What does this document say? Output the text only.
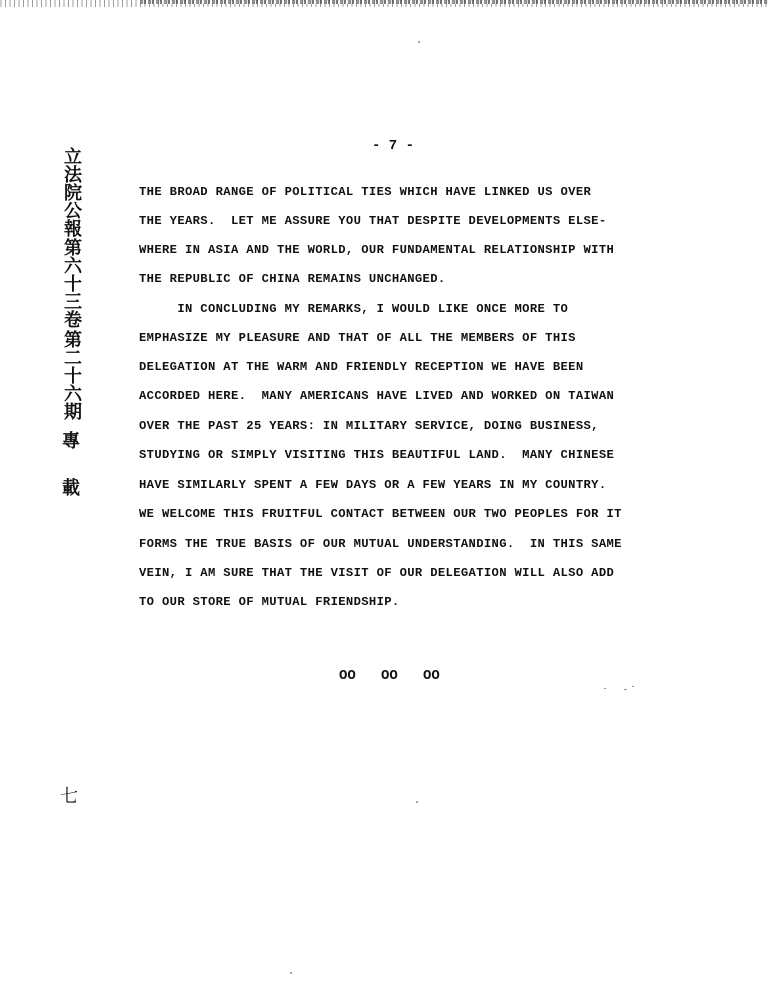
立法院公報
第六十三卷
第二十六期
專
載
- 7 -
THE BROAD RANGE OF POLITICAL TIES WHICH HAVE LINKED US OVER
THE YEARS.  LET ME ASSURE YOU THAT DESPITE DEVELOPMENTS ELSE-
WHERE IN ASIA AND THE WORLD, OUR FUNDAMENTAL RELATIONSHIP WITH
THE REPUBLIC OF CHINA REMAINS UNCHANGED.
IN CONCLUDING MY REMARKS, I WOULD LIKE ONCE MORE TO
EMPHASIZE MY PLEASURE AND THAT OF ALL THE MEMBERS OF THIS
DELEGATION AT THE WARM AND FRIENDLY RECEPTION WE HAVE BEEN
ACCORDED HERE.  MANY AMERICANS HAVE LIVED AND WORKED ON TAIWAN
OVER THE PAST 25 YEARS: IN MILITARY SERVICE, DOING BUSINESS,
STUDYING OR SIMPLY VISITING THIS BEAUTIFUL LAND.  MANY CHINESE
HAVE SIMILARLY SPENT A FEW DAYS OR A FEW YEARS IN MY COUNTRY.
WE WELCOME THIS FRUITFUL CONTACT BETWEEN OUR TWO PEOPLES FOR IT
FORMS THE TRUE BASIS OF OUR MUTUAL UNDERSTANDING.  IN THIS SAME
VEIN, I AM SURE THAT THE VISIT OF OUR DELEGATION WILL ALSO ADD
TO OUR STORE OF MUTUAL FRIENDSHIP.
OO   OO   OO
七
